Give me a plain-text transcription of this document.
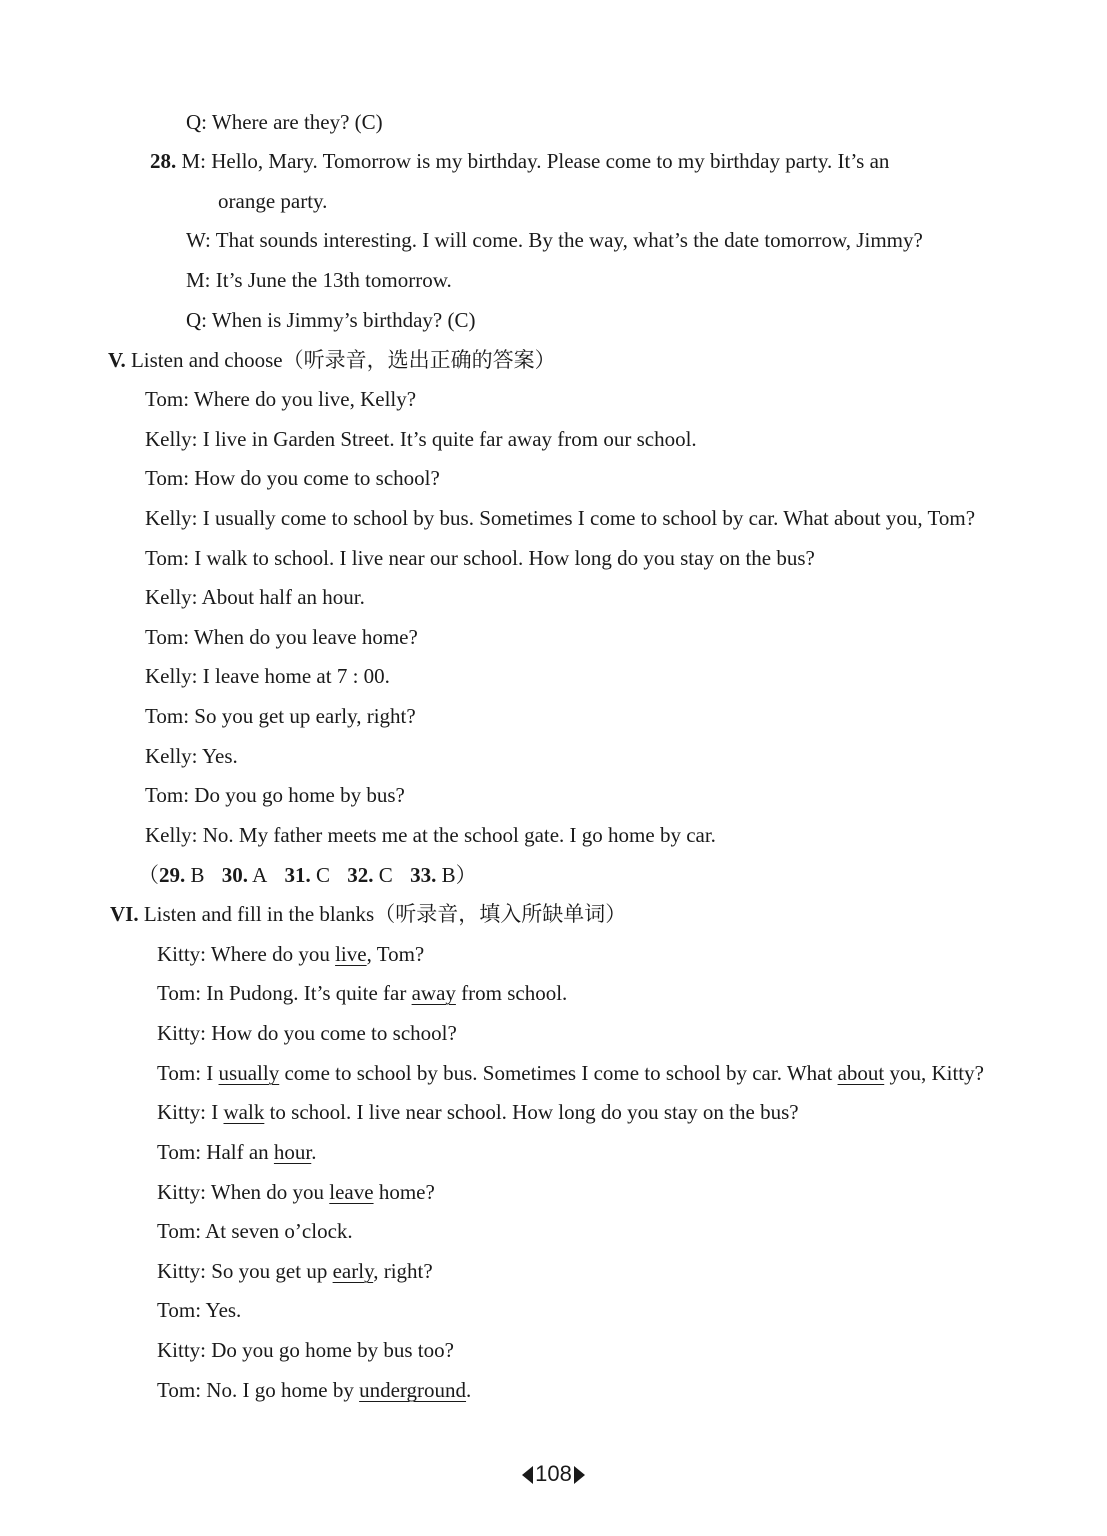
Q: Where are they? (C)
28. M: Hello, Mary. Tomorrow is my birthday. Please come to my birthday party. It’s an
orange party.
W: That sounds interesting. I will come. By the way, what’s the date tomorrow, Jimmy?
M: It’s June the 13th tomorrow.
Q: When is Jimmy’s birthday? (C)
V. Listen and choose（听录音，选出正确的答案）
Tom: Where do you live, Kelly?
Kelly: I live in Garden Street. It’s quite far away from our school.
Tom: How do you come to school?
Kelly: I usually come to school by bus. Sometimes I come to school by car. What about you, Tom?
Tom: I walk to school. I live near our school. How long do you stay on the bus?
Kelly: About half an hour.
Tom: When do you leave home?
Kelly: I leave home at 7 : 00.
Tom: So you get up early, right?
Kelly: Yes.
Tom: Do you go home by bus?
Kelly: No. My father meets me at the school gate. I go home by car.
（29. B 30. A 31. C 32. C 33. B）
VI. Listen and fill in the blanks（听录音，填入所缺单词）
Kitty: Where do you live, Tom?
Tom: In Pudong. It’s quite far away from school.
Kitty: How do you come to school?
Tom: I usually come to school by bus. Sometimes I come to school by car. What about you, Kitty?
Kitty: I walk to school. I live near school. How long do you stay on the bus?
Tom: Half an hour.
Kitty: When do you leave home?
Tom: At seven o’clock.
Kitty: So you get up early, right?
Tom: Yes.
Kitty: Do you go home by bus too?
Tom: No. I go home by underground.
108
